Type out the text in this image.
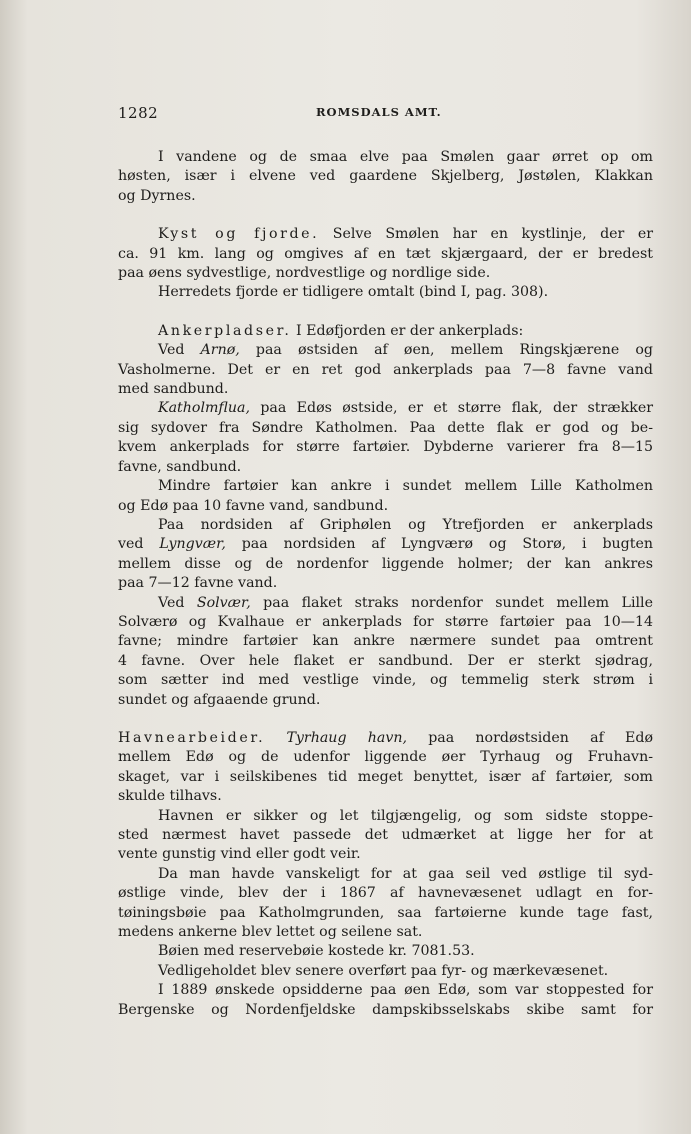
1282	ROMSDALS AMT.

I vandene og de smaa elve paa Smølen gaar ørret op om

høsten, især i elvene ved gaardene Skjelberg, Jøstølen, Klakkan

og Dyrnes.

Kyst og fjorde. Selve Smølen har en kystlinje, der er

ca. 91 km. lang og omgives af en tæt skjærgaard, der er bredest

paa øens sydvestlige, nordvestlige og nordlige side.

Herredets fjorde er tidligere omtalt (bind I, pag. 308).

Ankerpladser. I Edøfjorden er der ankerplads:

Ved Arnø, paa østsiden af øen, mellem Ringskjærene og

Vasholmerne. Det er en ret god ankerplads paa 7—8 favne vand

med sandbund.

Katholmflua, paa Edøs østside, er et større flak, der strækker

sig sydover fra Søndre Katholmen. Paa dette flak er god og be-

kvem ankerplads for større fartøier. Dybderne varierer fra 8—15

favne, sandbund.

Mindre fartøier kan ankre i sundet mellem Lille Katholmen

og Edø paa 10 favne vand, sandbund.

Paa nordsiden af Griphølen og Ytrefjorden er ankerplads

ved Lyngvær, paa nordsiden af Lyngværø og Storø, i bugten

mellem disse og de nordenfor liggende holmer; der kan ankres

paa 7—12 favne vand.

Ved Solvær, paa flaket straks nordenfor sundet mellem Lille

Solværø og Kvalhaue er ankerplads for større fartøier paa 10—14

favne; mindre fartøier kan ankre nærmere sundet paa omtrent

4 favne. Over hele flaket er sandbund. Der er sterkt sjødrag,

som sætter ind med vestlige vinde, og temmelig sterk strøm i

sundet og afgaaende grund.

Havnearbeider. Tyrhaug havn, paa nordøstsiden af Edø

mellem Edø og de udenfor liggende øer Tyrhaug og Fruhavn-

skaget, var i seilskibenes tid meget benyttet, især af fartøier, som

skulde tilhavs.

Havnen er sikker og let tilgjængelig, og som sidste stoppe-

sted nærmest havet passede det udmærket at ligge her for at

vente gunstig vind eller godt veir.

Da man havde vanskeligt for at gaa seil ved østlige til syd-

østlige vinde, blev der i 1867 af havnevæsenet udlagt en for-

tøiningsbøie paa Katholmgrunden, saa fartøierne kunde tage fast,

medens ankerne blev lettet og seilene sat.

Bøien med reservebøie kostede kr. 7081.53.

Vedligeholdet blev senere overført paa fyr- og mærkevæsenet.

I 1889 ønskede opsidderne paa øen Edø, som var stoppested for

Bergenske og Nordenfjeldske dampskibsselskabs skibe samt for
